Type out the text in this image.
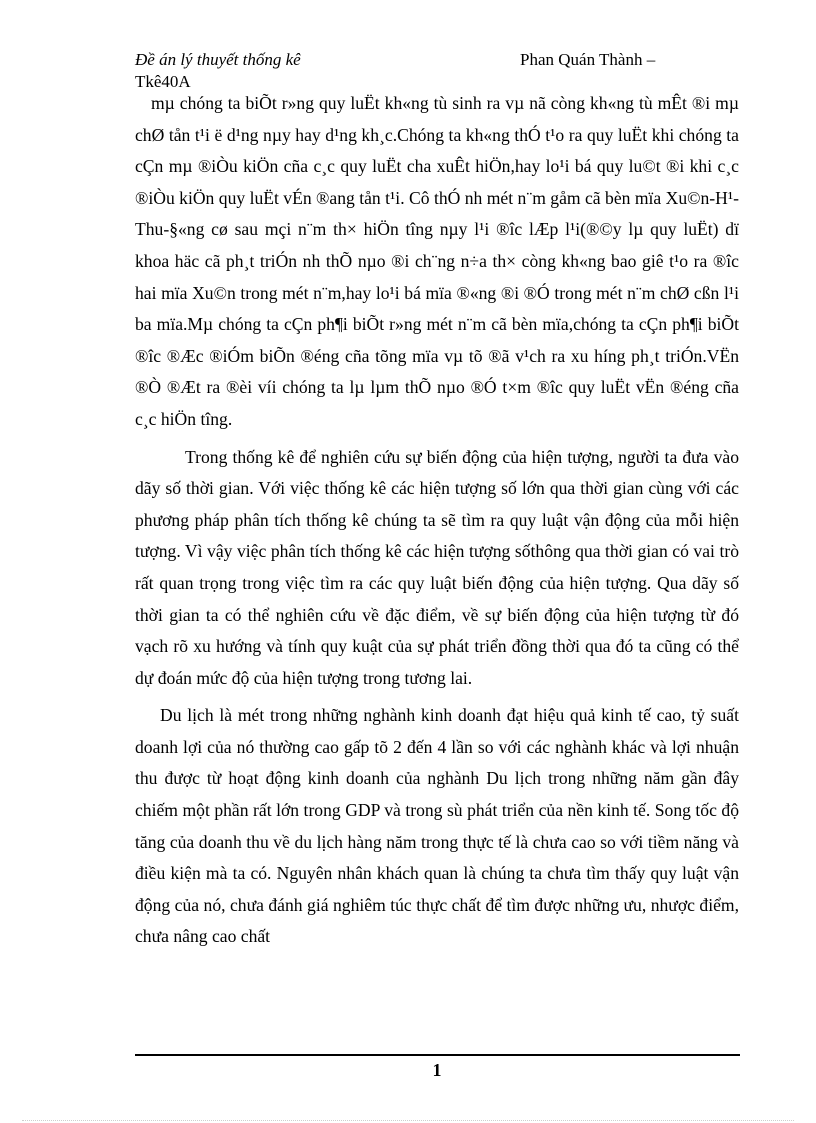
Đề án lý thuyết thống kê
Tkê40A
Phan Quán Thành –

mµ chóng ta biÕt r»ng quy luËt kh«ng tù sinh ra vµ nã còng kh«ng tù mÊt ®i mµ chØ tån t¹i ë d¹ng nµy hay d¹ng kh¸c.Chóng ta kh«ng thÓ t¹o ra quy luËt khi chóng ta cÇn mµ ®iÒu kiÖn cña c¸c quy luËt cha xuÊt hiÖn,hay lo¹i bá quy lu©t ®i khi c¸c ®iÒu kiÖn quy luËt vÉn ®ang tån t¹i. Cô thÓ nh mét n¨m gåm cã bèn mïa Xu©n-H¹-Thu-§«ng cø sau mçi n¨m th× hiÖn tîng nµy l¹i ®îc lÆp l¹i(®©y lµ quy luËt) dï khoa häc cã ph¸t triÓn nh thÕ nµo ®i ch¨ng n÷a th× còng kh«ng bao giê t¹o ra ®îc hai mïa Xu©n trong mét n¨m,hay lo¹i bá mïa ®«ng ®i ®Ó trong mét n¨m chØ cßn l¹i ba mïa.Mµ chóng ta cÇn ph¶i biÕt r»ng mét n¨m cã bèn mïa,chóng ta cÇn ph¶i biÕt ®îc ®Æc ®iÓm biÕn ®éng cña tõng mïa vµ tõ ®ã v¹ch ra xu híng ph¸t triÓn.VËn ®Ò ®Æt ra ®èi víi chóng ta lµ lµm thÕ nµo ®Ó t×m ®îc quy luËt vËn ®éng cña c¸c hiÖn tîng.

Trong thống kê để nghiên cứu sự biến động của hiện tượng, người ta đưa vào dãy số thời gian. Với việc thống kê các hiện tượng số lớn qua thời gian cùng với các phương pháp phân tích thống kê chúng ta sẽ tìm ra quy luật vận động của mỗi hiện tượng. Vì vậy việc phân tích thống kê các hiện tượng sốthông qua thời gian có vai trò rất quan trọng trong việc tìm ra các quy luật biến động của hiện tượng. Qua dãy số thời gian ta có thể nghiên cứu về đặc điểm, về sự biến động của hiện tượng từ đó vạch rõ xu hướng và tính quy kuật của sự phát triển đồng thời qua đó ta cũng có thể dự đoán mức độ của hiện tượng trong tương lai.

Du lịch là mét trong những nghành kinh doanh đạt hiệu quả kinh tế cao, tỷ suất doanh lợi của nó thường cao gấp tõ 2 đến 4 lần so với các nghành khác và lợi nhuận thu được từ hoạt động kinh doanh của nghành Du lịch trong những năm gần đây chiếm một phần rất lớn trong GDP và trong sù phát triển của nền kinh tế. Song tốc độ tăng của doanh thu về du lịch hàng năm trong thực tế là chưa cao so với tiềm năng và điều kiện mà ta có. Nguyên nhân khách quan là chúng ta chưa tìm thấy quy luật vận động của nó, chưa đánh giá nghiêm túc thực chất để tìm được những ưu, nhược điểm, chưa nâng cao chất

1
